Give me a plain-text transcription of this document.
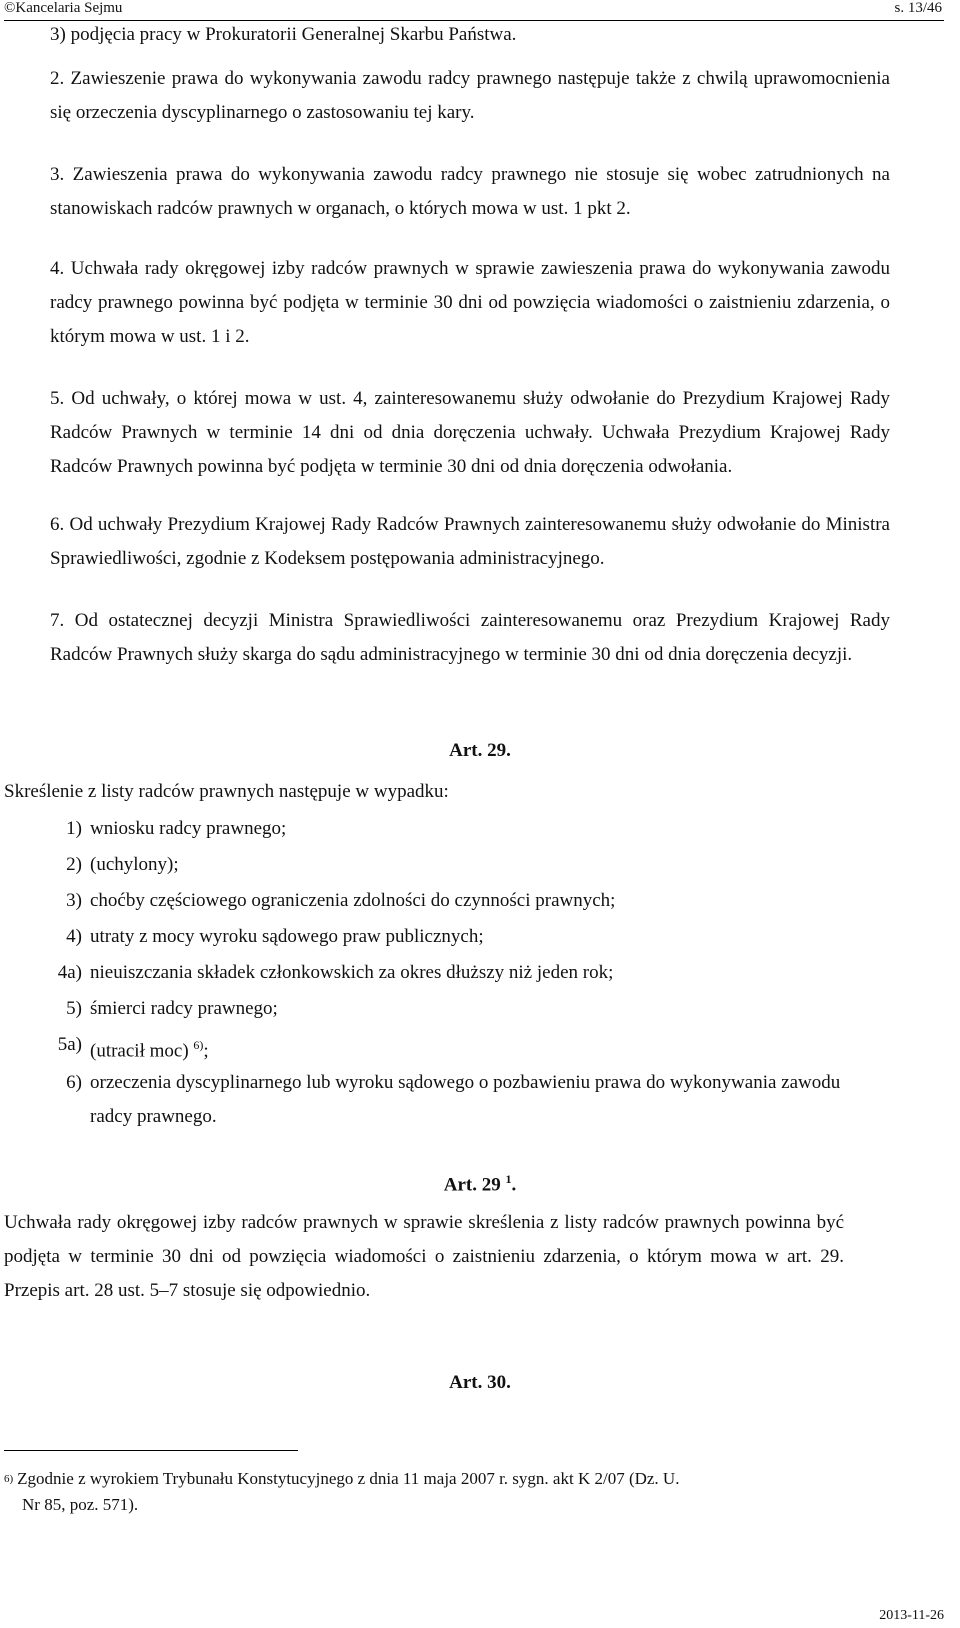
©Kancelaria Sejmu	s. 13/46
3) podjęcia pracy w Prokuratorii Generalnej Skarbu Państwa.
2. Zawieszenie prawa do wykonywania zawodu radcy prawnego następuje także z chwilą uprawomocnienia się orzeczenia dyscyplinarnego o zastosowaniu tej kary.
3. Zawieszenia prawa do wykonywania zawodu radcy prawnego nie stosuje się wobec zatrudnionych na stanowiskach radców prawnych w organach, o których mowa w ust. 1 pkt 2.
4. Uchwała rady okręgowej izby radców prawnych w sprawie zawieszenia prawa do wykonywania zawodu radcy prawnego powinna być podjęta w terminie 30 dni od powzięcia wiadomości o zaistnieniu zdarzenia, o którym mowa w ust. 1 i 2.
5. Od uchwały, o której mowa w ust. 4, zainteresowanemu służy odwołanie do Prezydium Krajowej Rady Radców Prawnych w terminie 14 dni od dnia doręczenia uchwały. Uchwała Prezydium Krajowej Rady Radców Prawnych powinna być podjęta w terminie 30 dni od dnia doręczenia odwołania.
6. Od uchwały Prezydium Krajowej Rady Radców Prawnych zainteresowanemu służy odwołanie do Ministra Sprawiedliwości, zgodnie z Kodeksem postępowania administracyjnego.
7. Od ostatecznej decyzji Ministra Sprawiedliwości zainteresowanemu oraz Prezydium Krajowej Rady Radców Prawnych służy skarga do sądu administracyjnego w terminie 30 dni od dnia doręczenia decyzji.
Art. 29.
Skreślenie z listy radców prawnych następuje w wypadku:
1) wniosku radcy prawnego;
2) (uchylony);
3) choćby częściowego ograniczenia zdolności do czynności prawnych;
4) utraty z mocy wyroku sądowego praw publicznych;
4a) nieuiszczania składek członkowskich za okres dłuższy niż jeden rok;
5) śmierci radcy prawnego;
5a) (utracił moc) $^{6)}$;
6) orzeczenia dyscyplinarnego lub wyroku sądowego o pozbawieniu prawa do wykonywania zawodu radcy prawnego.
Art. 29 $^1$.
Uchwała rady okręgowej izby radców prawnych w sprawie skreślenia z listy radców prawnych powinna być podjęta w terminie 30 dni od powzięcia wiadomości o zaistnieniu zdarzenia, o którym mowa w art. 29. Przepis art. 28 ust. 5–7 stosuje się odpowiednio.
Art. 30.
$^{6)}$ Zgodnie z wyrokiem Trybunału Konstytucyjnego z dnia 11 maja 2007 r. sygn. akt K 2/07 (Dz. U.
Nr 85, poz. 571).
2013-11-26
